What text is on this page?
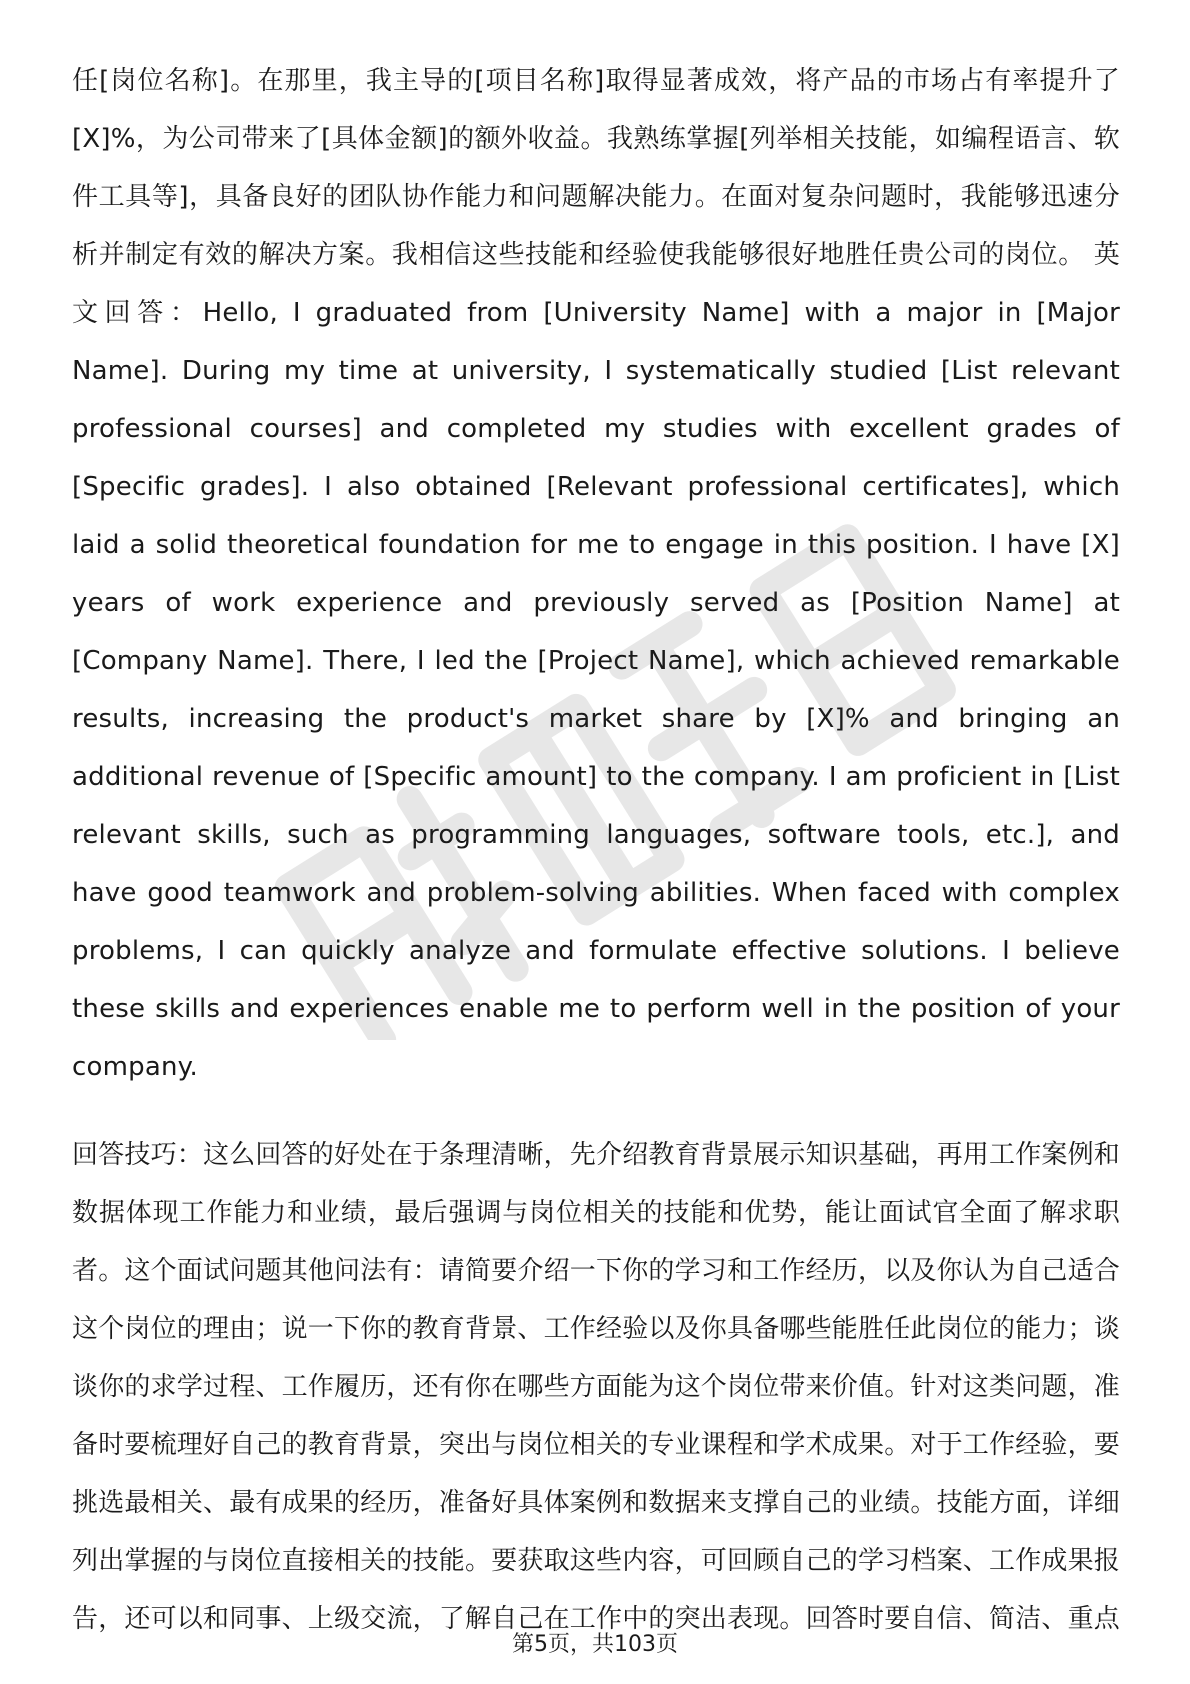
任[岗位名称]。在那里，我主导的[项目名称]取得显著成效，将产品的市场占有率提升了[X]%，为公司带来了[具体金额]的额外收益。我熟练掌握[列举相关技能，如编程语言、软件工具等]，具备良好的团队协作能力和问题解决能力。在面对复杂问题时，我能够迅速分析并制定有效的解决方案。我相信这些技能和经验使我能够很好地胜任贵公司的岗位。 英文回答：Hello, I graduated from [University Name] with a major in [Major Name]. During my time at university, I systematically studied [List relevant professional courses] and completed my studies with excellent grades of [Specific grades]. I also obtained [Relevant professional certificates], which laid a solid theoretical foundation for me to engage in this position. I have [X] years of work experience and previously served as [Position Name] at [Company Name]. There, I led the [Project Name], which achieved remarkable results, increasing the product's market share by [X]% and bringing an additional revenue of [Specific amount] to the company. I am proficient in [List relevant skills, such as programming languages, software tools, etc.], and have good teamwork and problem-solving abilities. When faced with complex problems, I can quickly analyze and formulate effective solutions. I believe these skills and experiences enable me to perform well in the position of your company.

回答技巧：这么回答的好处在于条理清晰，先介绍教育背景展示知识基础，再用工作案例和数据体现工作能力和业绩，最后强调与岗位相关的技能和优势，能让面试官全面了解求职者。这个面试问题其他问法有：请简要介绍一下你的学习和工作经历，以及你认为自己适合这个岗位的理由；说一下你的教育背景、工作经验以及你具备哪些能胜任此岗位的能力；谈谈你的求学过程、工作履历，还有你在哪些方面能为这个岗位带来价值。针对这类问题，准备时要梳理好自己的教育背景，突出与岗位相关的专业课程和学术成果。对于工作经验，要挑选最相关、最有成果的经历，准备好具体案例和数据来支撑自己的业绩。技能方面，详细列出掌握的与岗位直接相关的技能。要获取这些内容，可回顾自己的学习档案、工作成果报告，还可以和同事、上级交流，了解自己在工作中的突出表现。回答时要自信、简洁、重点

第5页，共103页
